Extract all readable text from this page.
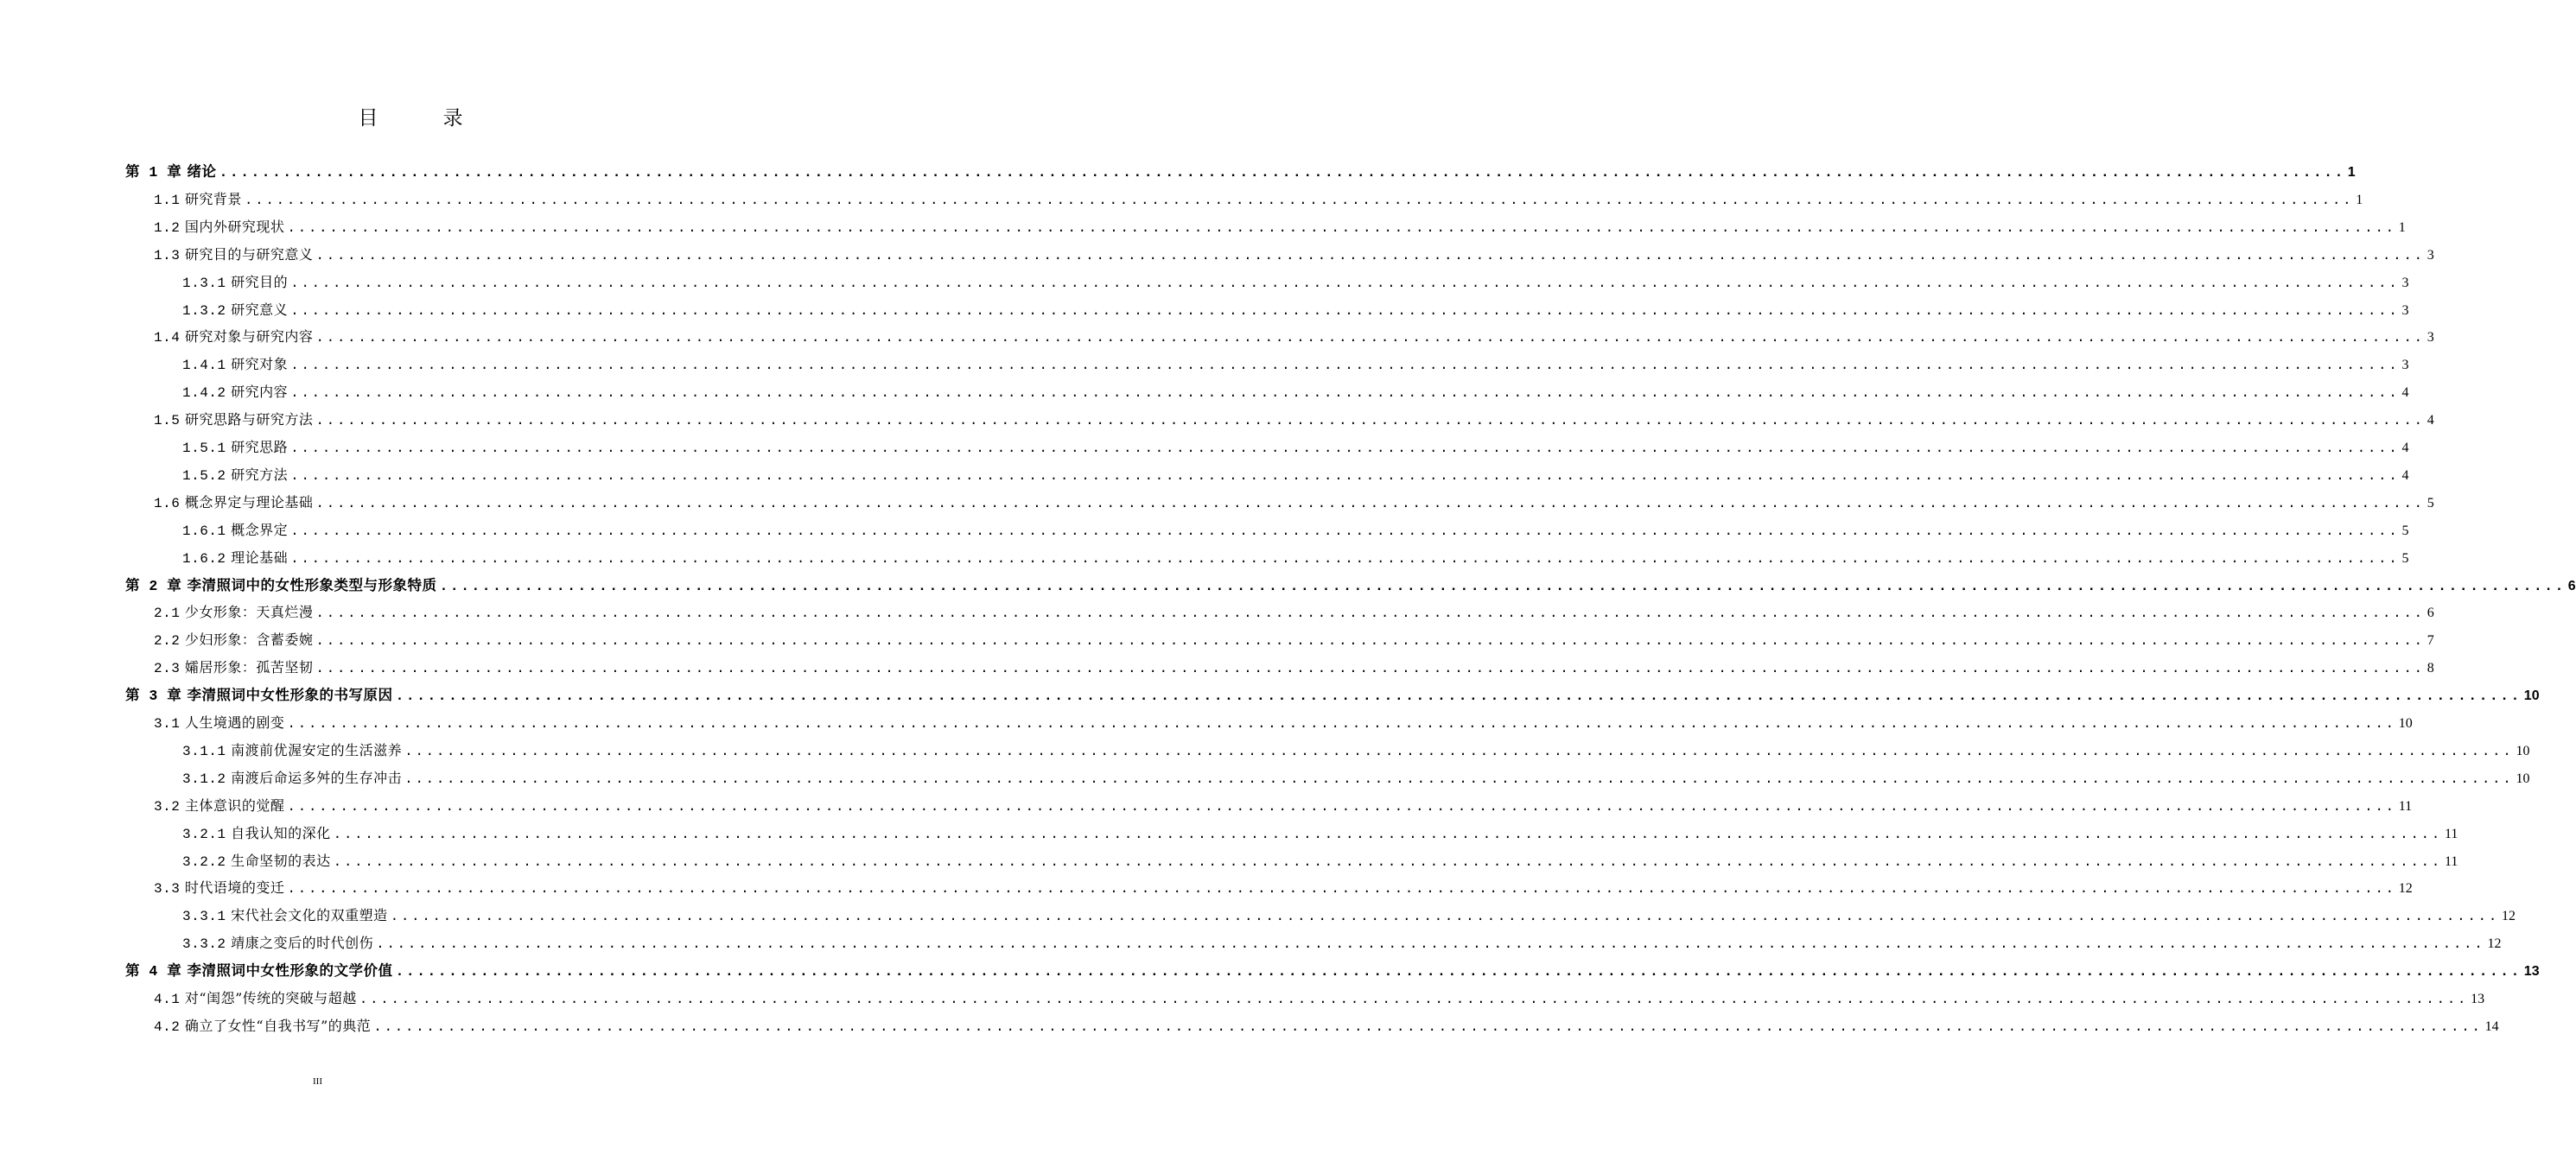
目　录
第 1 章 绪论 ........................................................................................................................................................................................................ 1
1.1 研究背景 ........................................................................................................................................................................................................ 1
1.2 国内外研究现状 ........................................................................................................................................................................................................ 1
1.3 研究目的与研究意义 ........................................................................................................................................................................................................ 3
1.3.1 研究目的 ........................................................................................................................................................................................................ 3
1.3.2 研究意义 ........................................................................................................................................................................................................ 3
1.4 研究对象与研究内容 ........................................................................................................................................................................................................ 3
1.4.1 研究对象 ........................................................................................................................................................................................................ 3
1.4.2 研究内容 ........................................................................................................................................................................................................ 4
1.5 研究思路与研究方法 ........................................................................................................................................................................................................ 4
1.5.1 研究思路 ........................................................................................................................................................................................................ 4
1.5.2 研究方法 ........................................................................................................................................................................................................ 4
1.6 概念界定与理论基础 ........................................................................................................................................................................................................ 5
1.6.1 概念界定 ........................................................................................................................................................................................................ 5
1.6.2 理论基础 ........................................................................................................................................................................................................ 5
第 2 章 李清照词中的女性形象类型与形象特质 ........................................................................................................................................................................................................ 6
2.1 少女形象：天真烂漫 ........................................................................................................................................................................................................ 6
2.2 少妇形象：含蓄委婉 ........................................................................................................................................................................................................ 7
2.3 孀居形象：孤苦坚韧 ........................................................................................................................................................................................................ 8
第 3 章 李清照词中女性形象的书写原因 ........................................................................................................................................................................................................ 10
3.1 人生境遇的剧变 ........................................................................................................................................................................................................ 10
3.1.1 南渡前优渥安定的生活滋养 ........................................................................................................................................................................................................ 10
3.1.2 南渡后命运多舛的生存冲击 ........................................................................................................................................................................................................ 10
3.2 主体意识的觉醒 ........................................................................................................................................................................................................ 11
3.2.1 自我认知的深化 ........................................................................................................................................................................................................ 11
3.2.2 生命坚韧的表达 ........................................................................................................................................................................................................ 11
3.3 时代语境的变迁 ........................................................................................................................................................................................................ 12
3.3.1 宋代社会文化的双重塑造 ........................................................................................................................................................................................................ 12
3.3.2 靖康之变后的时代创伤 ........................................................................................................................................................................................................ 12
第 4 章 李清照词中女性形象的文学价值 ........................................................................................................................................................................................................ 13
4.1 对“闺怨”传统的突破与超越 ........................................................................................................................................................................................................ 13
4.2 确立了女性“自我书写”的典范 ........................................................................................................................................................................................................ 14
III
